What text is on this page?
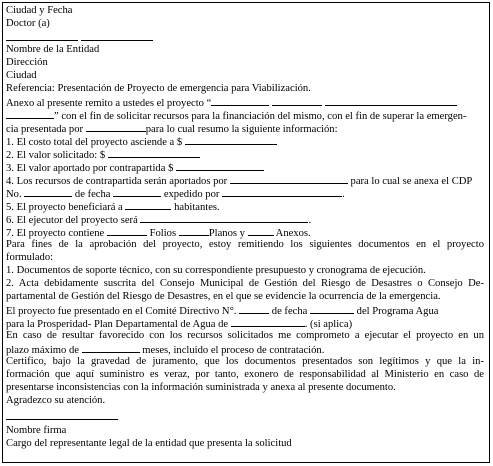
Ciudad y Fecha
Doctor (a)

Nombre de la Entidad
Dirección
Ciudad
Referencia: Presentación de Proyecto de emergencia para Viabilización.
Anexo al presente remito a ustedes el proyecto “
” con el fin de solicitar recursos para la financiación del mismo, con el fin de superar la emergen-
cia presentada por	para lo cual resumo la siguiente información:
1. El costo total del proyecto asciende a $
2. El valor solicitado: $
3. El valor aportado por contrapartida $
4. Los recursos de contrapartida serán aportados por	para lo cual se anexa el CDP
No.	de fecha	expedido por	.
5. El proyecto beneficiará a	habitantes.
6. El ejecutor del proyecto será	.
7. El proyecto contiene	Folios	Planos y	Anexos.
Para fines de la aprobación del proyecto, estoy remitiendo los siguientes documentos en el proyecto
formulado:
1. Documentos de soporte técnico, con su correspondiente presupuesto y cronograma de ejecución.
2. Acta debidamente suscrita del Consejo Municipal de Gestión del Riesgo de Desastres o Consejo De-
partamental de Gestión del Riesgo de Desastres, en el que se evidencie la ocurrencia de la emergencia.
El proyecto fue presentado en el Comité Directivo N°.	de fecha	del Programa Agua
para la Prosperidad- Plan Departamental de Agua de	. (si aplica)
En caso de resultar favorecido con los recursos solicitados me comprometo a ejecutar el proyecto en un
plazo máximo de	meses, incluido el proceso de contratación.
Certifico, bajo la gravedad de juramento, que los documentos presentados son legítimos y que la in-
formación que aquí suministro es veraz, por tanto, exonero de responsabilidad al Ministerio en caso de
presentarse inconsistencias con la información suministrada y anexa al presente documento.
Agradezco su atención.
Nombre firma
Cargo del representante legal de la entidad que presenta la solicitud
